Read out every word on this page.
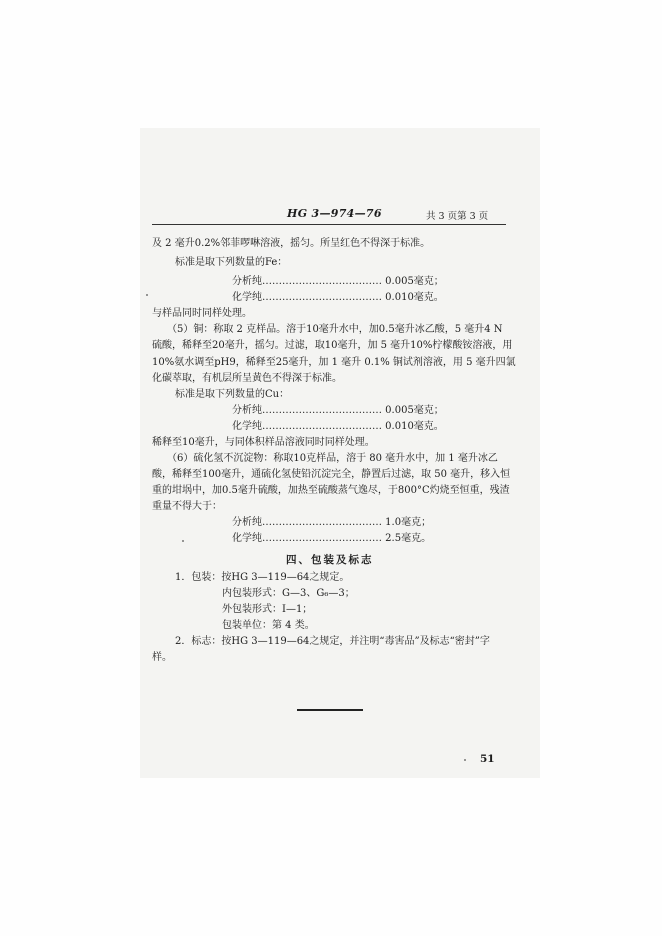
HG 3—974—76	共 3 页第 3 页
及 2 毫升0.2%邻菲啰啉溶液，摇匀。所呈红色不得深于标准。
标准是取下列数量的Fe：
分析纯……………………………… 0.005毫克；
化学纯……………………………… 0.010毫克。
与样品同时同样处理。
（5）铜：称取 2 克样品。溶于10毫升水中，加0.5毫升冰乙酸，5 毫升4 N
硫酸，稀释至20毫升，摇匀。过滤，取10毫升，加 5 毫升10%柠檬酸铵溶液，用
10%氨水调至pH9，稀释至25毫升，加 1 毫升 0.1% 铜试剂溶液，用 5 毫升四氯
化碳萃取，有机层所呈黄色不得深于标准。
标准是取下列数量的Cu：
分析纯……………………………… 0.005毫克；
化学纯……………………………… 0.010毫克。
稀释至10毫升，与同体积样品溶液同时同样处理。
（6）硫化氢不沉淀物：称取10克样品，溶于 80 毫升水中，加 1 毫升冰乙
酸，稀释至100毫升，通硫化氢使铅沉淀完全，静置后过滤，取 50 毫升，移入恒
重的坩埚中，加0.5毫升硫酸，加热至硫酸蒸气逸尽，于800°C灼烧至恒重，残渣
重量不得大于：
分析纯……………………………… 1.0毫克；
化学纯……………………………… 2.5毫克。
四、包装及标志
1．包装：按HG 3—119—64之规定。
内包装形式：G—3、G₆—3；
外包装形式：Ⅰ—1；
包装单位：第 4 类。
2．标志：按HG 3—119—64之规定，并注明“毒害品”及标志“密封”字
样。
51
